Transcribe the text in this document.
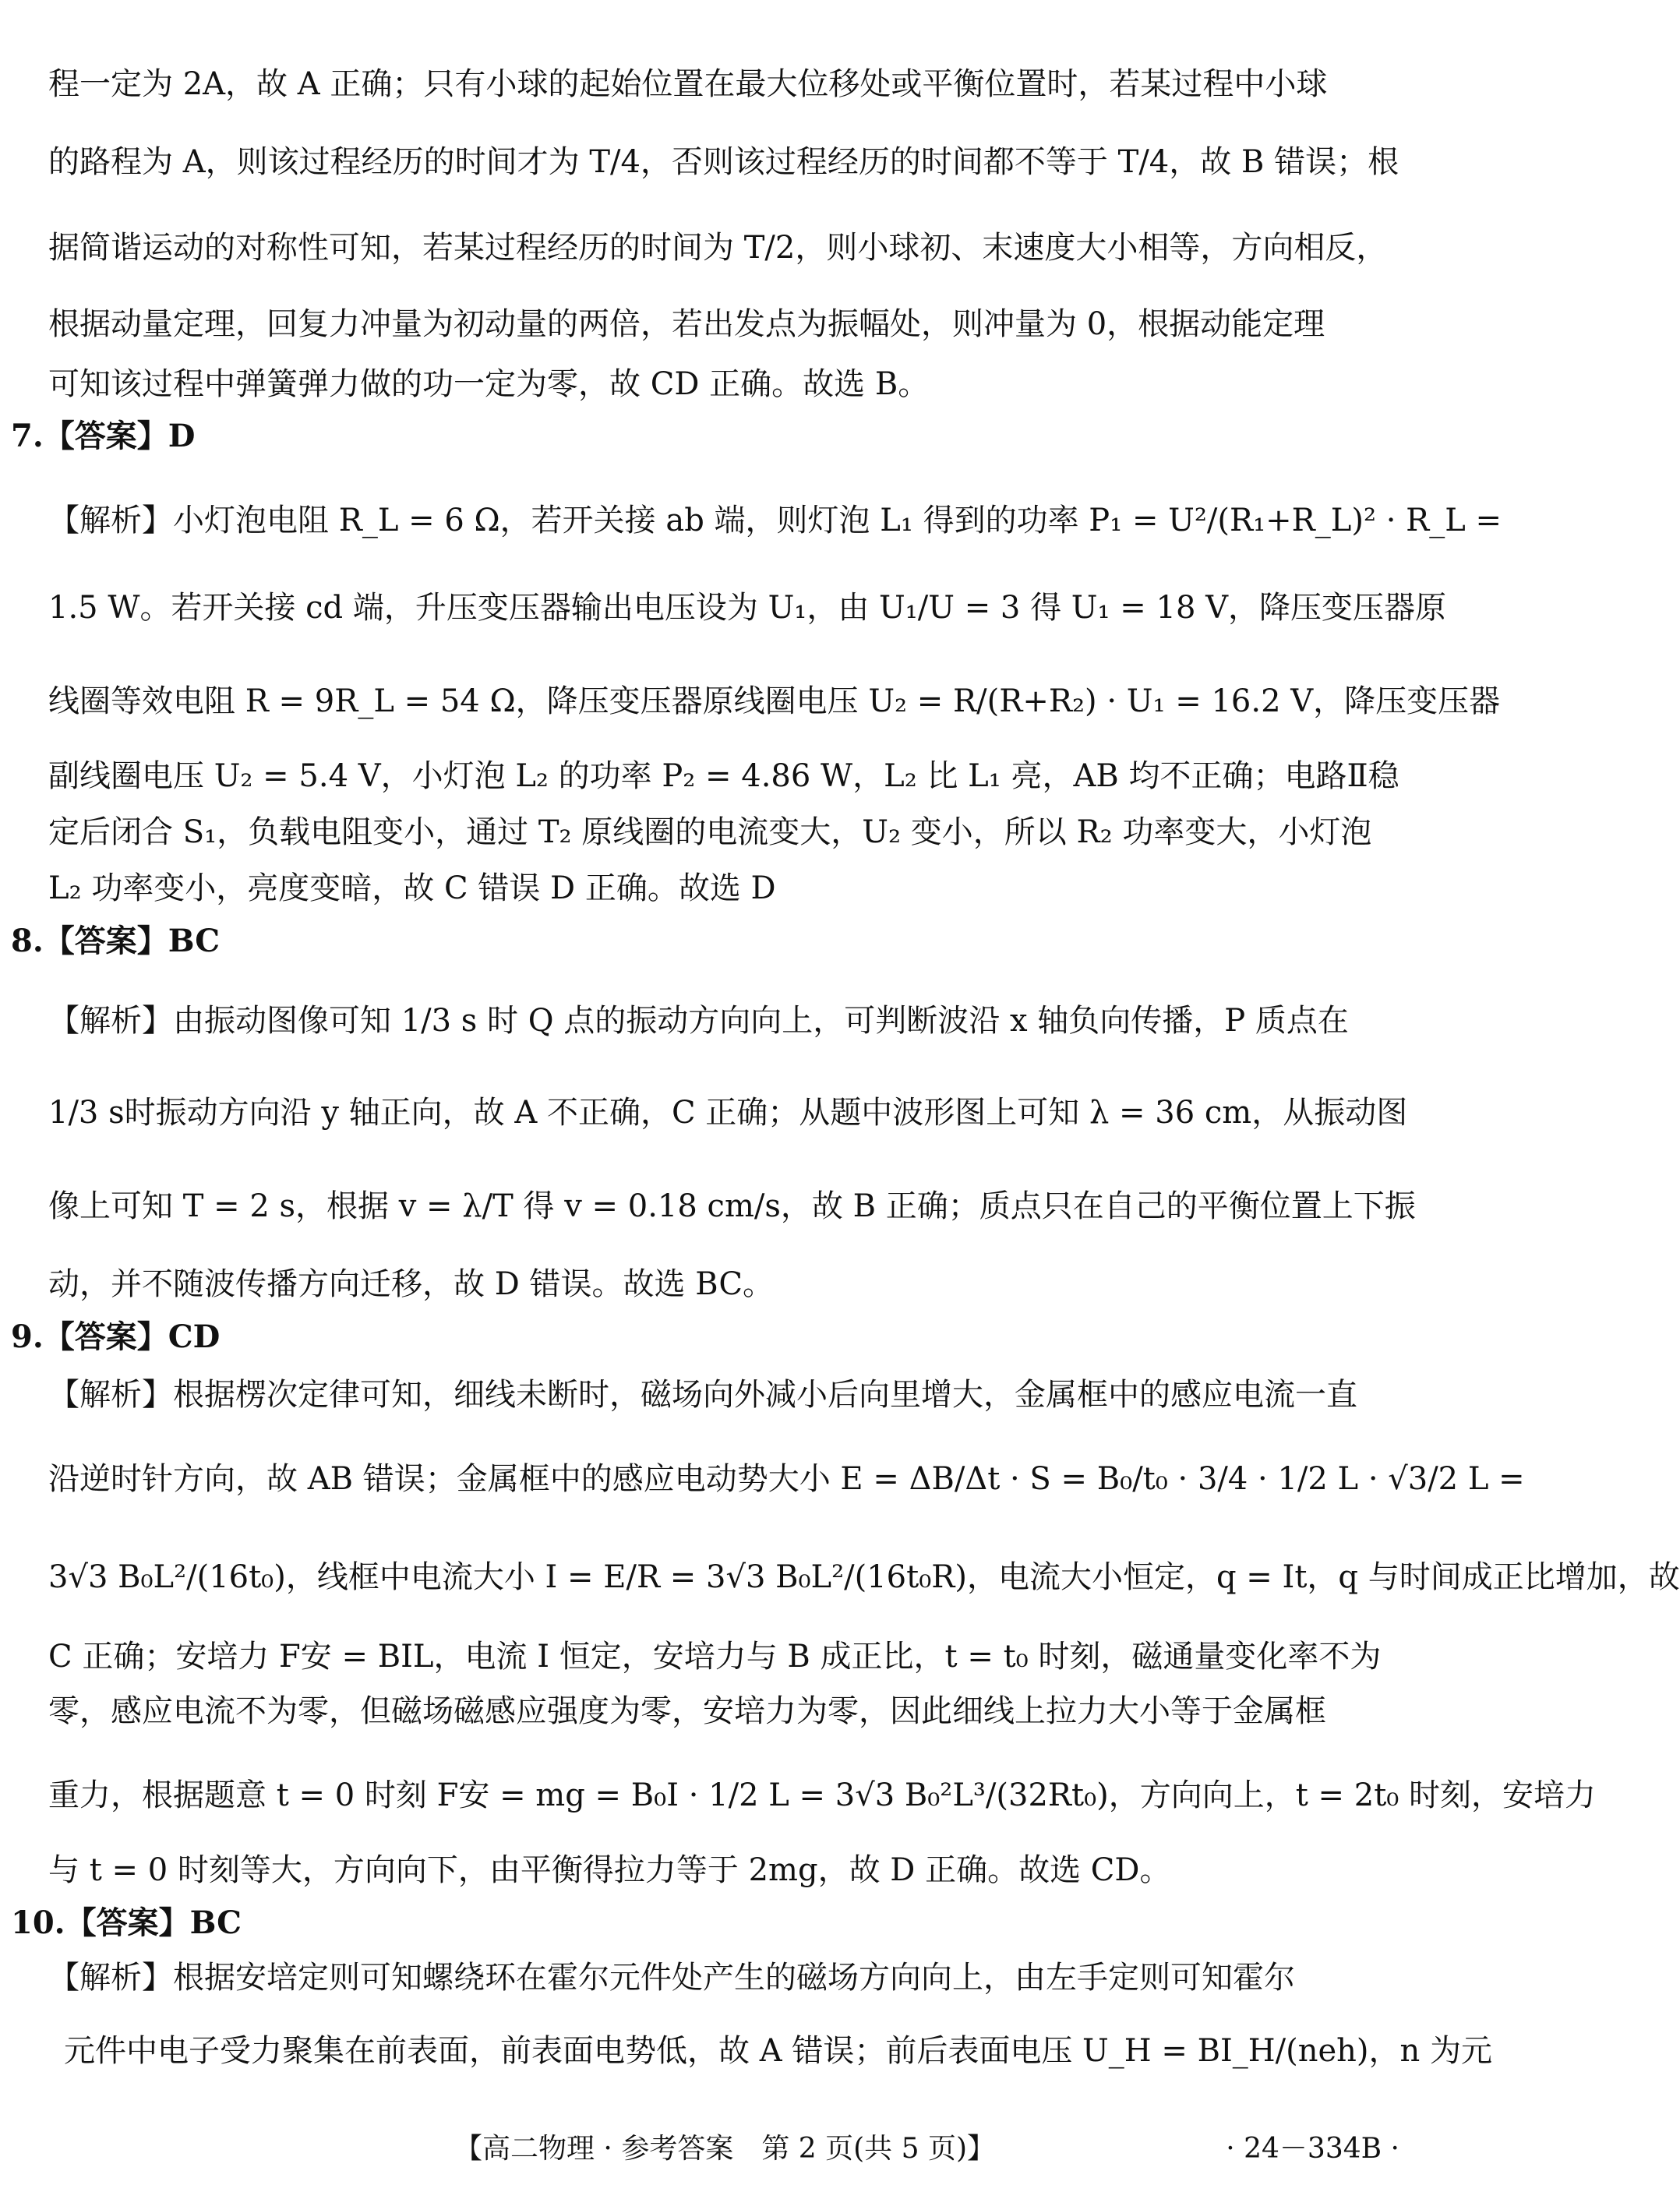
程一定为 2A，故 A 正确；只有小球的起始位置在最大位移处或平衡位置时，若某过程中小球
的路程为 A，则该过程经历的时间才为 T/4，否则该过程经历的时间都不等于 T/4，故 B 错误；根
据简谐运动的对称性可知，若某过程经历的时间为 T/2，则小球初、末速度大小相等，方向相反，
根据动量定理，回复力冲量为初动量的两倍，若出发点为振幅处，则冲量为 0，根据动能定理
可知该过程中弹簧弹力做的功一定为零，故 CD 正确。故选 B。
7.【答案】D
【解析】小灯泡电阻 R_L = 6 Ω，若开关接 ab 端，则灯泡 L₁ 得到的功率 P₁ = U²/(R₁+R_L)² · R_L =
1.5 W。若开关接 cd 端，升压变压器输出电压设为 U₁，由 U₁/U = 3 得 U₁ = 18 V，降压变压器原
线圈等效电阻 R = 9R_L = 54 Ω，降压变压器原线圈电压 U₂ = R/(R+R₂) · U₁ = 16.2 V，降压变压器
副线圈电压 U₂ = 5.4 V，小灯泡 L₂ 的功率 P₂ = 4.86 W，L₂ 比 L₁ 亮，AB 均不正确；电路Ⅱ稳
定后闭合 S₁，负载电阻变小，通过 T₂ 原线圈的电流变大，U₂ 变小，所以 R₂ 功率变大，小灯泡
L₂ 功率变小，亮度变暗，故 C 错误 D 正确。故选 D
8.【答案】BC
【解析】由振动图像可知 1/3 s 时 Q 点的振动方向向上，可判断波沿 x 轴负向传播，P 质点在
1/3 s时振动方向沿 y 轴正向，故 A 不正确，C 正确；从题中波形图上可知 λ = 36 cm，从振动图
像上可知 T = 2 s，根据 v = λ/T 得 v = 0.18 cm/s，故 B 正确；质点只在自己的平衡位置上下振
动，并不随波传播方向迁移，故 D 错误。故选 BC。
9.【答案】CD
【解析】根据楞次定律可知，细线未断时，磁场向外减小后向里增大，金属框中的感应电流一直
沿逆时针方向，故 AB 错误；金属框中的感应电动势大小 E = ΔB/Δt · S = B₀/t₀ · 3/4 · 1/2 L · √3/2 L =
3√3 B₀L²/(16t₀)，线框中电流大小 I = E/R = 3√3 B₀L²/(16t₀R)，电流大小恒定，q = It，q 与时间成正比增加，故
C 正确；安培力 F安 = BIL，电流 I 恒定，安培力与 B 成正比，t = t₀ 时刻，磁通量变化率不为
零，感应电流不为零，但磁场磁感应强度为零，安培力为零，因此细线上拉力大小等于金属框
重力，根据题意 t = 0 时刻 F安 = mg = B₀I · 1/2 L = 3√3 B₀²L³/(32Rt₀)，方向向上，t = 2t₀ 时刻，安培力
与 t = 0 时刻等大，方向向下，由平衡得拉力等于 2mg，故 D 正确。故选 CD。
10.【答案】BC
【解析】根据安培定则可知螺绕环在霍尔元件处产生的磁场方向向上，由左手定则可知霍尔
元件中电子受力聚集在前表面，前表面电势低，故 A 错误；前后表面电压 U_H = BI_H/(neh)，n 为元
【高二物理 · 参考答案　第 2 页(共 5 页)】	· 24－334B ·
